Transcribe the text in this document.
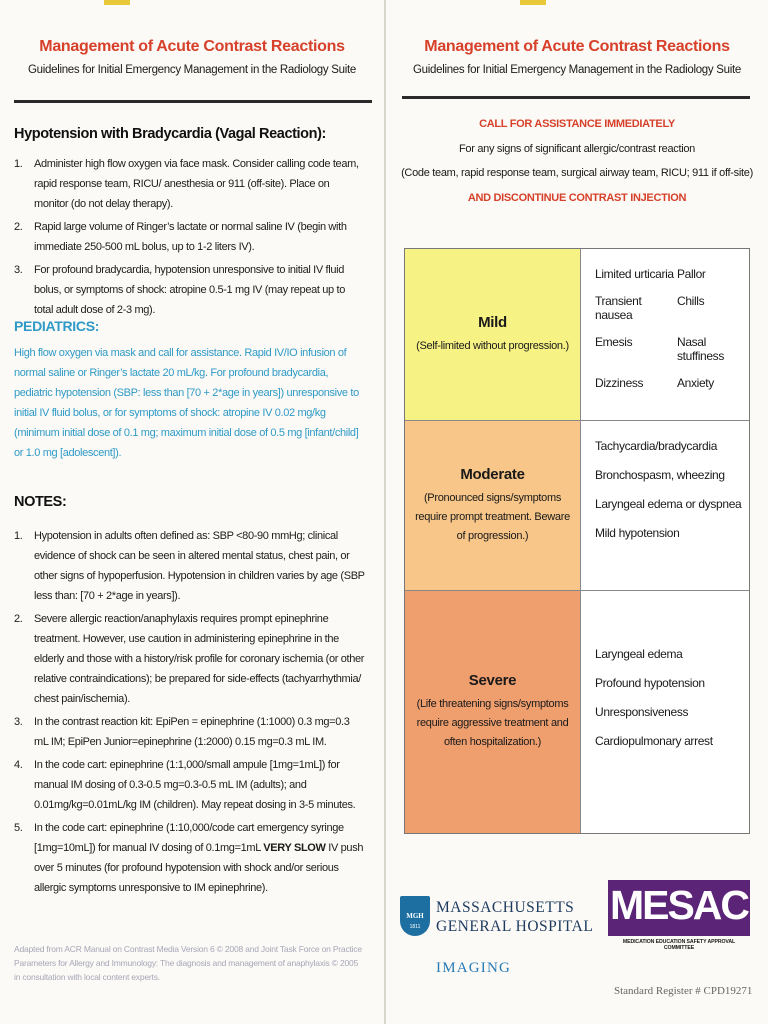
Management of Acute Contrast Reactions
Guidelines for Initial Emergency Management in the Radiology Suite
Hypotension with Bradycardia (Vagal Reaction):
1. Administer high flow oxygen via face mask. Consider calling code team, rapid response team, RICU/ anesthesia or 911 (off-site). Place on monitor (do not delay therapy).
2. Rapid large volume of Ringer’s lactate or normal saline IV (begin with immediate 250-500 mL bolus, up to 1-2 liters IV).
3. For profound bradycardia, hypotension unresponsive to initial IV fluid bolus, or symptoms of shock: atropine 0.5-1 mg IV (may repeat up to total adult dose of 2-3 mg).
PEDIATRICS:
High flow oxygen via mask and call for assistance. Rapid IV/IO infusion of normal saline or Ringer’s lactate 20 mL/kg. For profound bradycardia, pediatric hypotension (SBP: less than [70 + 2*age in years]) unresponsive to initial IV fluid bolus, or for symptoms of shock: atropine IV 0.02 mg/kg (minimum initial dose of 0.1 mg; maximum initial dose of 0.5 mg [infant/child] or 1.0 mg [adolescent]).
NOTES:
1. Hypotension in adults often defined as: SBP <80-90 mmHg; clinical evidence of shock can be seen in altered mental status, chest pain, or other signs of hypoperfusion. Hypotension in children varies by age (SBP less than: [70 + 2*age in years]).
2. Severe allergic reaction/anaphylaxis requires prompt epinephrine treatment. However, use caution in administering epinephrine in the elderly and those with a history/risk profile for coronary ischemia (or other relative contraindications); be prepared for side-effects (tachyarrhythmia/ chest pain/ischemia).
3. In the contrast reaction kit: EpiPen = epinephrine (1:1000) 0.3 mg=0.3 mL IM; EpiPen Junior=epinephrine (1:2000) 0.15 mg=0.3 mL IM.
4. In the code cart: epinephrine (1:1,000/small ampule [1mg=1mL]) for manual IM dosing of 0.3-0.5 mg=0.3-0.5 mL IM (adults); and 0.01mg/kg=0.01mL/kg IM (children). May repeat dosing in 3-5 minutes.
5. In the code cart: epinephrine (1:10,000/code cart emergency syringe [1mg=10mL]) for manual IV dosing of 0.1mg=1mL VERY SLOW IV push over 5 minutes (for profound hypotension with shock and/or serious allergic symptoms unresponsive to IM epinephrine).
Adapted from ACR Manual on Contrast Media Version 6 © 2008 and Joint Task Force on Practice Parameters for Allergy and Immunology: The diagnosis and management of anaphylaxis © 2005 in consultation with local content experts.
Management of Acute Contrast Reactions
Guidelines for Initial Emergency Management in the Radiology Suite
CALL FOR ASSISTANCE IMMEDIATELY
For any signs of significant allergic/contrast reaction
(Code team, rapid response team, surgical airway team, RICU; 911 if off-site)
AND DISCONTINUE CONTRAST INJECTION
Mild
(Self-limited without progression.)
Limited urticaria Pallor
Transient nausea
Chills
Emesis	Nasal stuffiness
Dizziness	Anxiety
Moderate
(Pronounced signs/symptoms require prompt treatment. Beware of progression.)
Tachycardia/bradycardia
Bronchospasm, wheezing
Laryngeal edema or dyspnea
Mild hypotension
Severe
(Life threatening signs/symptoms require aggressive treatment and often hospitalization.)
Laryngeal edema
Profound hypotension
Unresponsiveness
Cardiopulmonary arrest
MGH
1811
MASSACHUSETTS
GENERAL HOSPITAL
IMAGING
MESAC
MEDICATION EDUCATION SAFETY APPROVAL COMMITTEE
Standard Register # CPD19271
